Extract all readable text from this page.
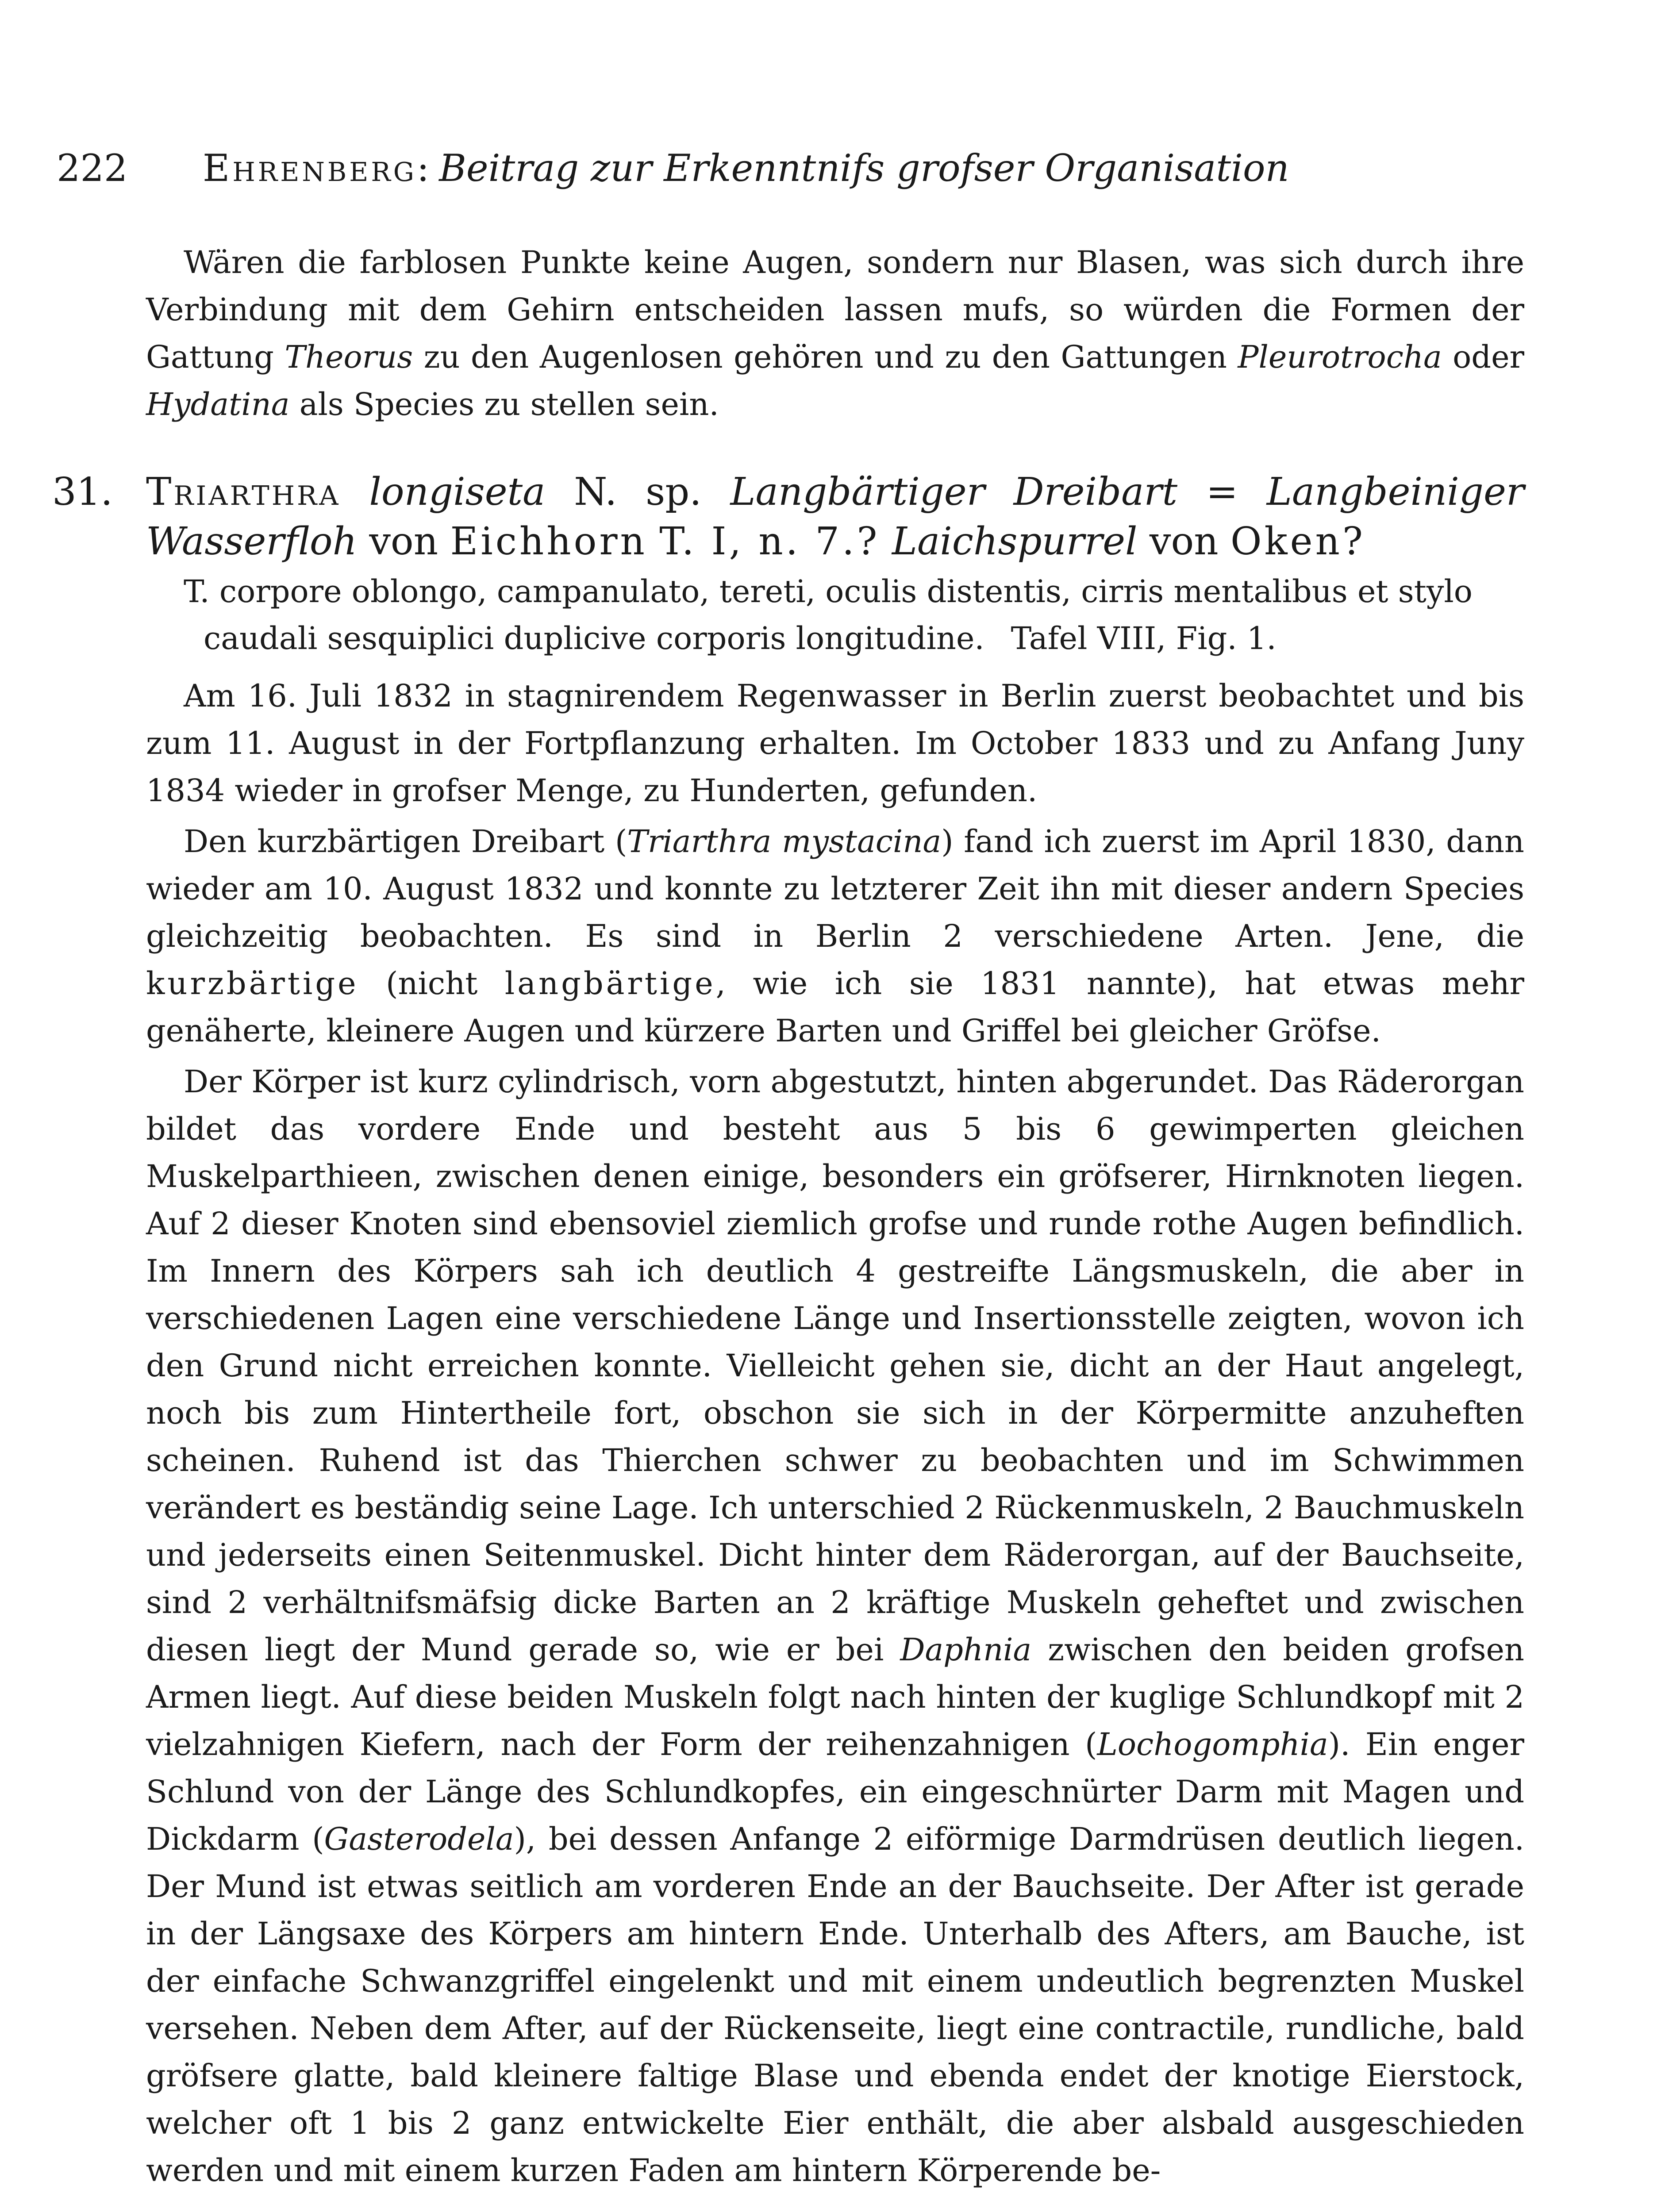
222 Ehrenberg: Beitrag zur Erkenntnifs grofser Organisation

Wären die farblosen Punkte keine Augen, sondern nur Blasen, was sich durch ihre Verbindung mit dem Gehirn entscheiden lassen mufs, so würden die Formen der Gattung Theorus zu den Augenlosen gehören und zu den Gattungen Pleurotrocha oder Hydatina als Species zu stellen sein.

31. Triarthra longiseta N. sp. Langbärtiger Dreibart = Langbeiniger Wasserfloh von Eichhorn T. I, n. 7.? Laichspurrel von Oken?
T. corpore oblongo, campanulato, tereti, oculis distentis, cirris mentalibus et stylo
caudali sesquiplici duplicive corporis longitudine. Tafel VIII, Fig. 1.

Am 16. Juli 1832 in stagnirendem Regenwasser in Berlin zuerst beobachtet und bis zum 11. August in der Fortpflanzung erhalten. Im October 1833 und zu Anfang Juny 1834 wieder in grofser Menge, zu Hunderten, gefunden.

Den kurzbärtigen Dreibart (Triarthra mystacina) fand ich zuerst im April 1830, dann wieder am 10. August 1832 und konnte zu letzterer Zeit ihn mit dieser andern Species gleichzeitig beobachten. Es sind in Berlin 2 verschiedene Arten. Jene, die kurzbärtige (nicht langbärtige, wie ich sie 1831 nannte), hat etwas mehr genäherte, kleinere Augen und kürzere Barten und Griffel bei gleicher Gröfse.

Der Körper ist kurz cylindrisch, vorn abgestutzt, hinten abgerundet. Das Räderorgan bildet das vordere Ende und besteht aus 5 bis 6 gewimperten gleichen Muskelparthieen, zwischen denen einige, besonders ein gröfserer, Hirnknoten liegen. Auf 2 dieser Knoten sind ebensoviel ziemlich grofse und runde rothe Augen befindlich. Im Innern des Körpers sah ich deutlich 4 gestreifte Längsmuskeln, die aber in verschiedenen Lagen eine verschiedene Länge und Insertionsstelle zeigten, wovon ich den Grund nicht erreichen konnte. Vielleicht gehen sie, dicht an der Haut angelegt, noch bis zum Hintertheile fort, obschon sie sich in der Körpermitte anzuheften scheinen. Ruhend ist das Thierchen schwer zu beobachten und im Schwimmen verändert es beständig seine Lage. Ich unterschied 2 Rückenmuskeln, 2 Bauchmuskeln und jederseits einen Seitenmuskel. Dicht hinter dem Räderorgan, auf der Bauchseite, sind 2 verhältnifsmäfsig dicke Barten an 2 kräftige Muskeln geheftet und zwischen diesen liegt der Mund gerade so, wie er bei Daphnia zwischen den beiden grofsen Armen liegt. Auf diese beiden Muskeln folgt nach hinten der kuglige Schlundkopf mit 2 vielzahnigen Kiefern, nach der Form der reihenzahnigen (Lochogomphia). Ein enger Schlund von der Länge des Schlundkopfes, ein eingeschnürter Darm mit Magen und Dickdarm (Gasterodela), bei dessen Anfange 2 eiförmige Darmdrüsen deutlich liegen. Der Mund ist etwas seitlich am vorderen Ende an der Bauchseite. Der After ist gerade in der Längsaxe des Körpers am hintern Ende. Unterhalb des Afters, am Bauche, ist der einfache Schwanzgriffel eingelenkt und mit einem undeutlich begrenzten Muskel versehen. Neben dem After, auf der Rückenseite, liegt eine contractile, rundliche, bald gröfsere glatte, bald kleinere faltige Blase und ebenda endet der knotige Eierstock, welcher oft 1 bis 2 ganz entwickelte Eier enthält, die aber alsbald ausgeschieden werden und mit einem kurzen Faden am hintern Körperende be-
